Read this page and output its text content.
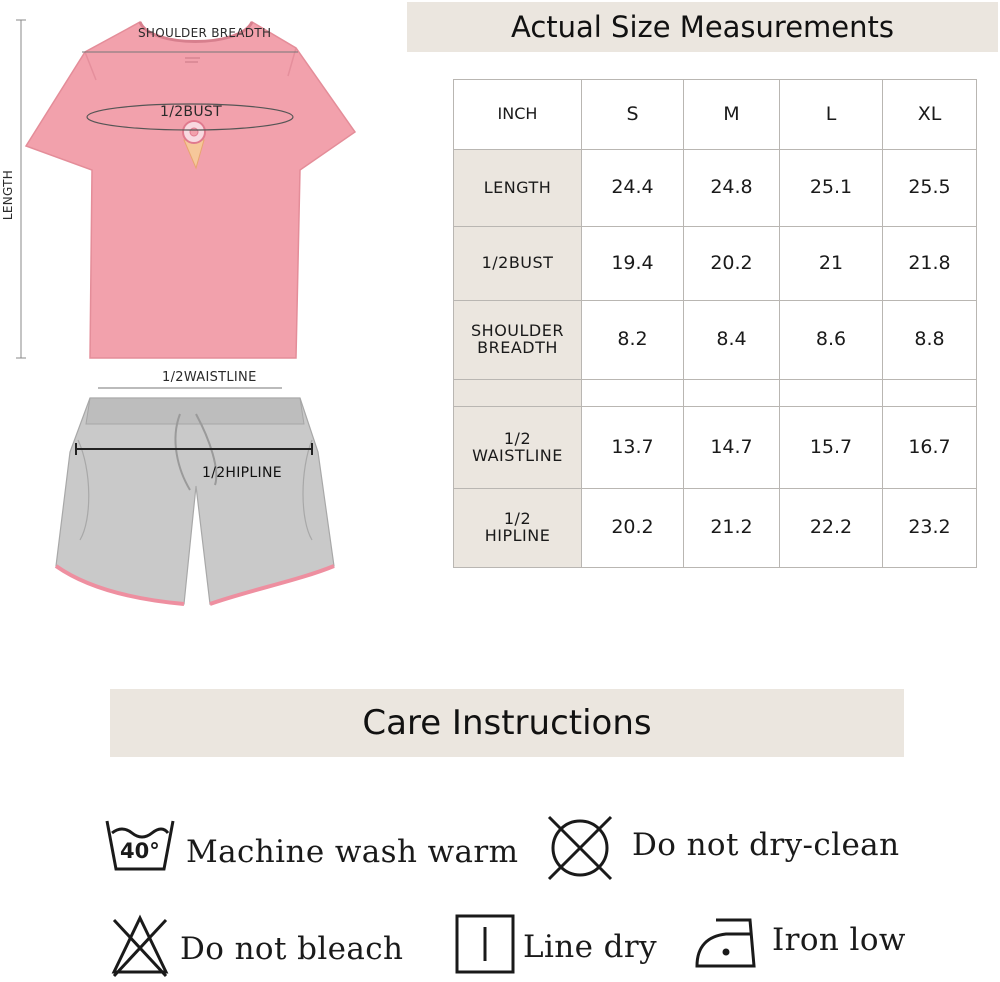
SHOULDER BREADTH
1/2BUST
LENGTH
1/2WAISTLINE
1/2HIPLINE
Actual Size Measurements
INCH	S	M	L	XL
LENGTH	24.4	24.8	25.1	25.5
1/2BUST	19.4	20.2	21	21.8

SHOULDER
BREADTH	8.2	8.4	8.6	8.8

1/2
WAISTLINE	13.7	14.7	15.7	16.7

1/2
HIPLINE	20.2	21.2	22.2	23.2
Care Instructions
40° Machine wash warm	Do not dry-clean
Do not bleach	Line dry	Iron low
